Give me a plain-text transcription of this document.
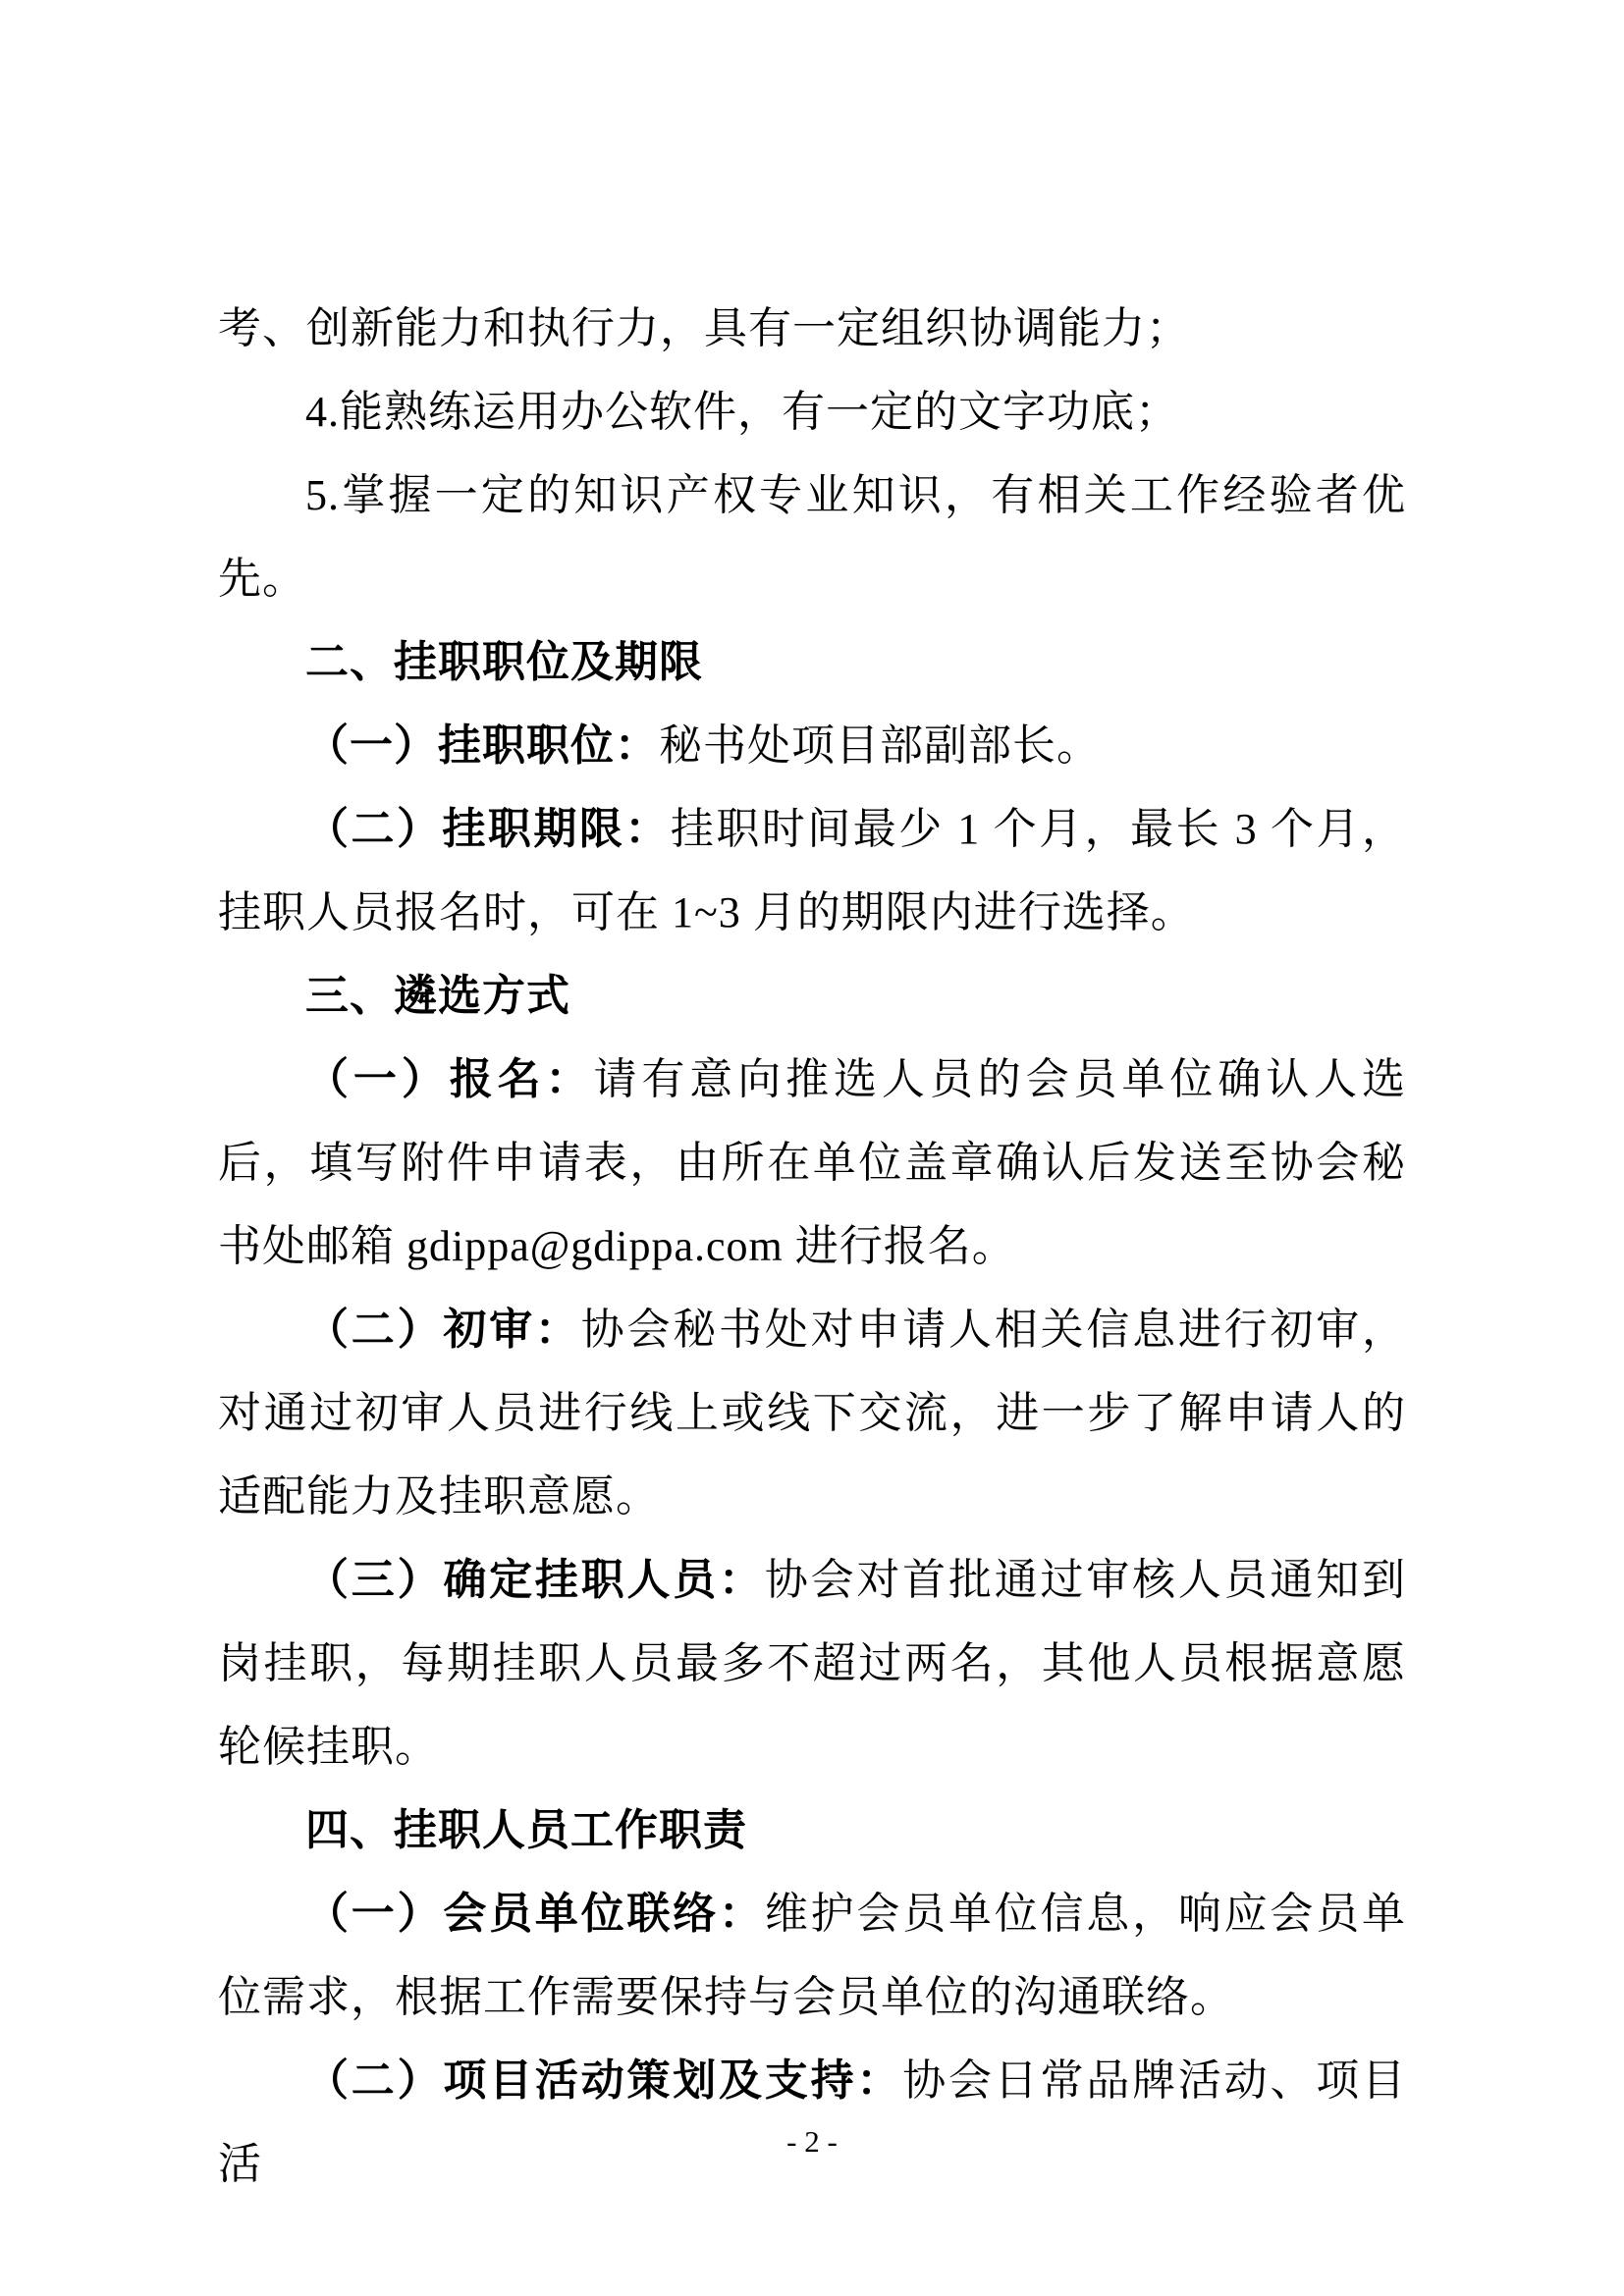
考、创新能力和执行力，具有一定组织协调能力；

4.能熟练运用办公软件，有一定的文字功底；

5.掌握一定的知识产权专业知识，有相关工作经验者优先。

二、挂职职位及期限

（一）挂职职位：秘书处项目部副部长。

（二）挂职期限：挂职时间最少 1 个月，最长 3 个月，挂职人员报名时，可在 1~3 月的期限内进行选择。

三、遴选方式

（一）报名：请有意向推选人员的会员单位确认人选后，填写附件申请表，由所在单位盖章确认后发送至协会秘书处邮箱 gdippa@gdippa.com 进行报名。

（二）初审：协会秘书处对申请人相关信息进行初审，对通过初审人员进行线上或线下交流，进一步了解申请人的适配能力及挂职意愿。

（三）确定挂职人员：协会对首批通过审核人员通知到岗挂职，每期挂职人员最多不超过两名，其他人员根据意愿轮候挂职。

四、挂职人员工作职责

（一）会员单位联络：维护会员单位信息，响应会员单位需求，根据工作需要保持与会员单位的沟通联络。

（二）项目活动策划及支持：协会日常品牌活动、项目活	- 2 -
